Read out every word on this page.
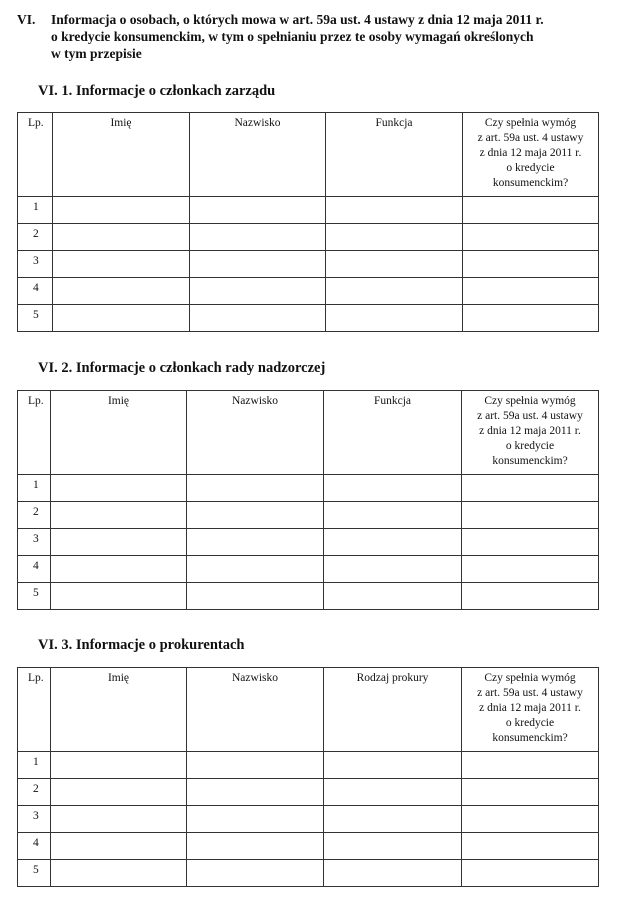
VI.	Informacja o osobach, o których mowa w art. 59a ust. 4 ustawy z dnia 12 maja 2011 r.
o kredycie konsumenckim, w tym o spełnianiu przez te osoby wymagań określonych
w tym przepisie
VI. 1. Informacje o członkach zarządu
Lp.	Imię	Nazwisko	Funkcja	Czy spełnia wymóg
z art. 59a ust. 4 ustawy
z dnia 12 maja 2011 r.
o kredycie
konsumenckim?
1				
2				
3				
4				
5				
VI. 2. Informacje o członkach rady nadzorczej
Lp.	Imię	Nazwisko	Funkcja	Czy spełnia wymóg
z art. 59a ust. 4 ustawy
z dnia 12 maja 2011 r.
o kredycie
konsumenckim?
1				
2				
3				
4				
5				
VI. 3. Informacje o prokurentach
Lp.	Imię	Nazwisko	Rodzaj prokury	Czy spełnia wymóg
z art. 59a ust. 4 ustawy
z dnia 12 maja 2011 r.
o kredycie
konsumenckim?
1				
2				
3				
4				
5				
